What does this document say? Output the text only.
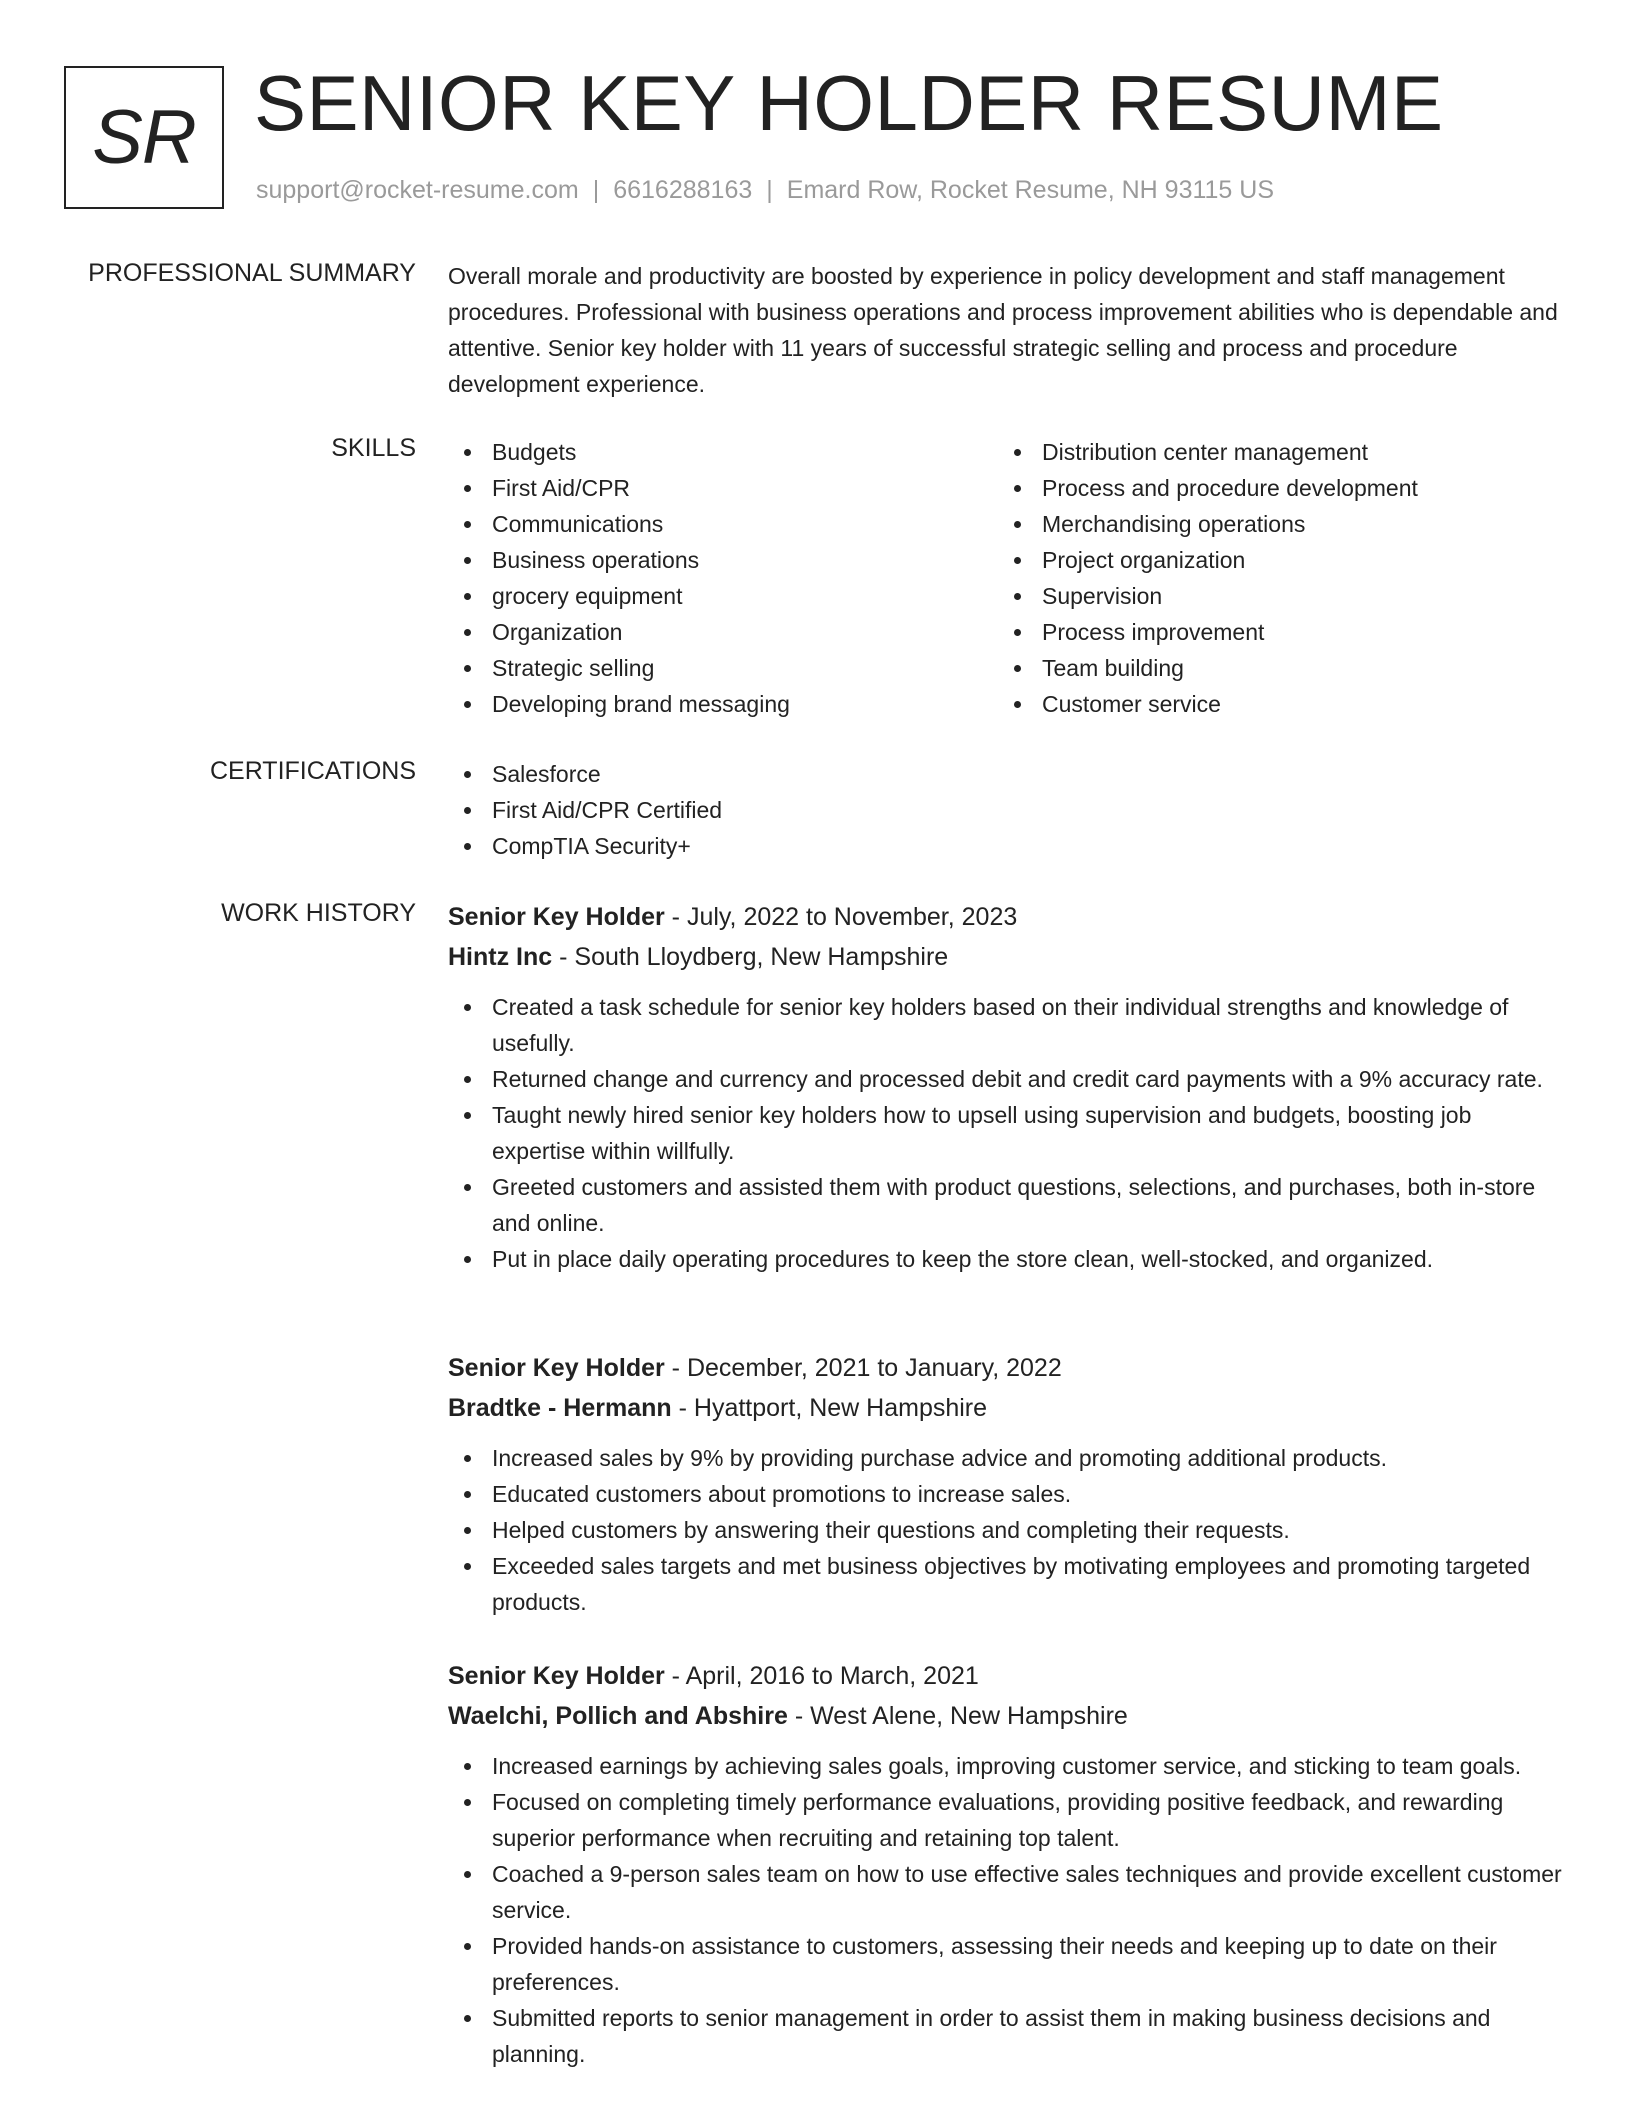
SR SENIOR KEY HOLDER RESUME
support@rocket-resume.com | 6616288163 | Emard Row, Rocket Resume, NH 93115 US
PROFESSIONAL SUMMARY Overall morale and productivity are boosted by experience in policy development and staff management procedures. Professional with business operations and process improvement abilities who is dependable and attentive. Senior key holder with 11 years of successful strategic selling and process and procedure development experience.
SKILLS	Budgets
First Aid/CPR
Communications
Business operations
grocery equipment
Organization
Strategic selling
Developing brand messaging
Distribution center management
Process and procedure development
Merchandising operations
Project organization
Supervision
Process improvement
Team building
Customer service
CERTIFICATIONS	Salesforce
First Aid/CPR Certified
CompTIA Security+
WORK HISTORY Senior Key Holder - July, 2022 to November, 2023
Hintz Inc - South Lloydberg, New Hampshire
Created a task schedule for senior key holders based on their individual strengths and knowledge of usefully.
Returned change and currency and processed debit and credit card payments with a 9% accuracy rate.
Taught newly hired senior key holders how to upsell using supervision and budgets, boosting job expertise within willfully.
Greeted customers and assisted them with product questions, selections, and purchases, both in-store and online.
Put in place daily operating procedures to keep the store clean, well-stocked, and organized.
Senior Key Holder - December, 2021 to January, 2022
Bradtke - Hermann - Hyattport, New Hampshire
Increased sales by 9% by providing purchase advice and promoting additional products.
Educated customers about promotions to increase sales.
Helped customers by answering their questions and completing their requests.
Exceeded sales targets and met business objectives by motivating employees and promoting targeted products.
Senior Key Holder - April, 2016 to March, 2021
Waelchi, Pollich and Abshire - West Alene, New Hampshire
Increased earnings by achieving sales goals, improving customer service, and sticking to team goals.
Focused on completing timely performance evaluations, providing positive feedback, and rewarding superior performance when recruiting and retaining top talent.
Coached a 9-person sales team on how to use effective sales techniques and provide excellent customer service.
Provided hands-on assistance to customers, assessing their needs and keeping up to date on their preferences.
Submitted reports to senior management in order to assist them in making business decisions and planning.
